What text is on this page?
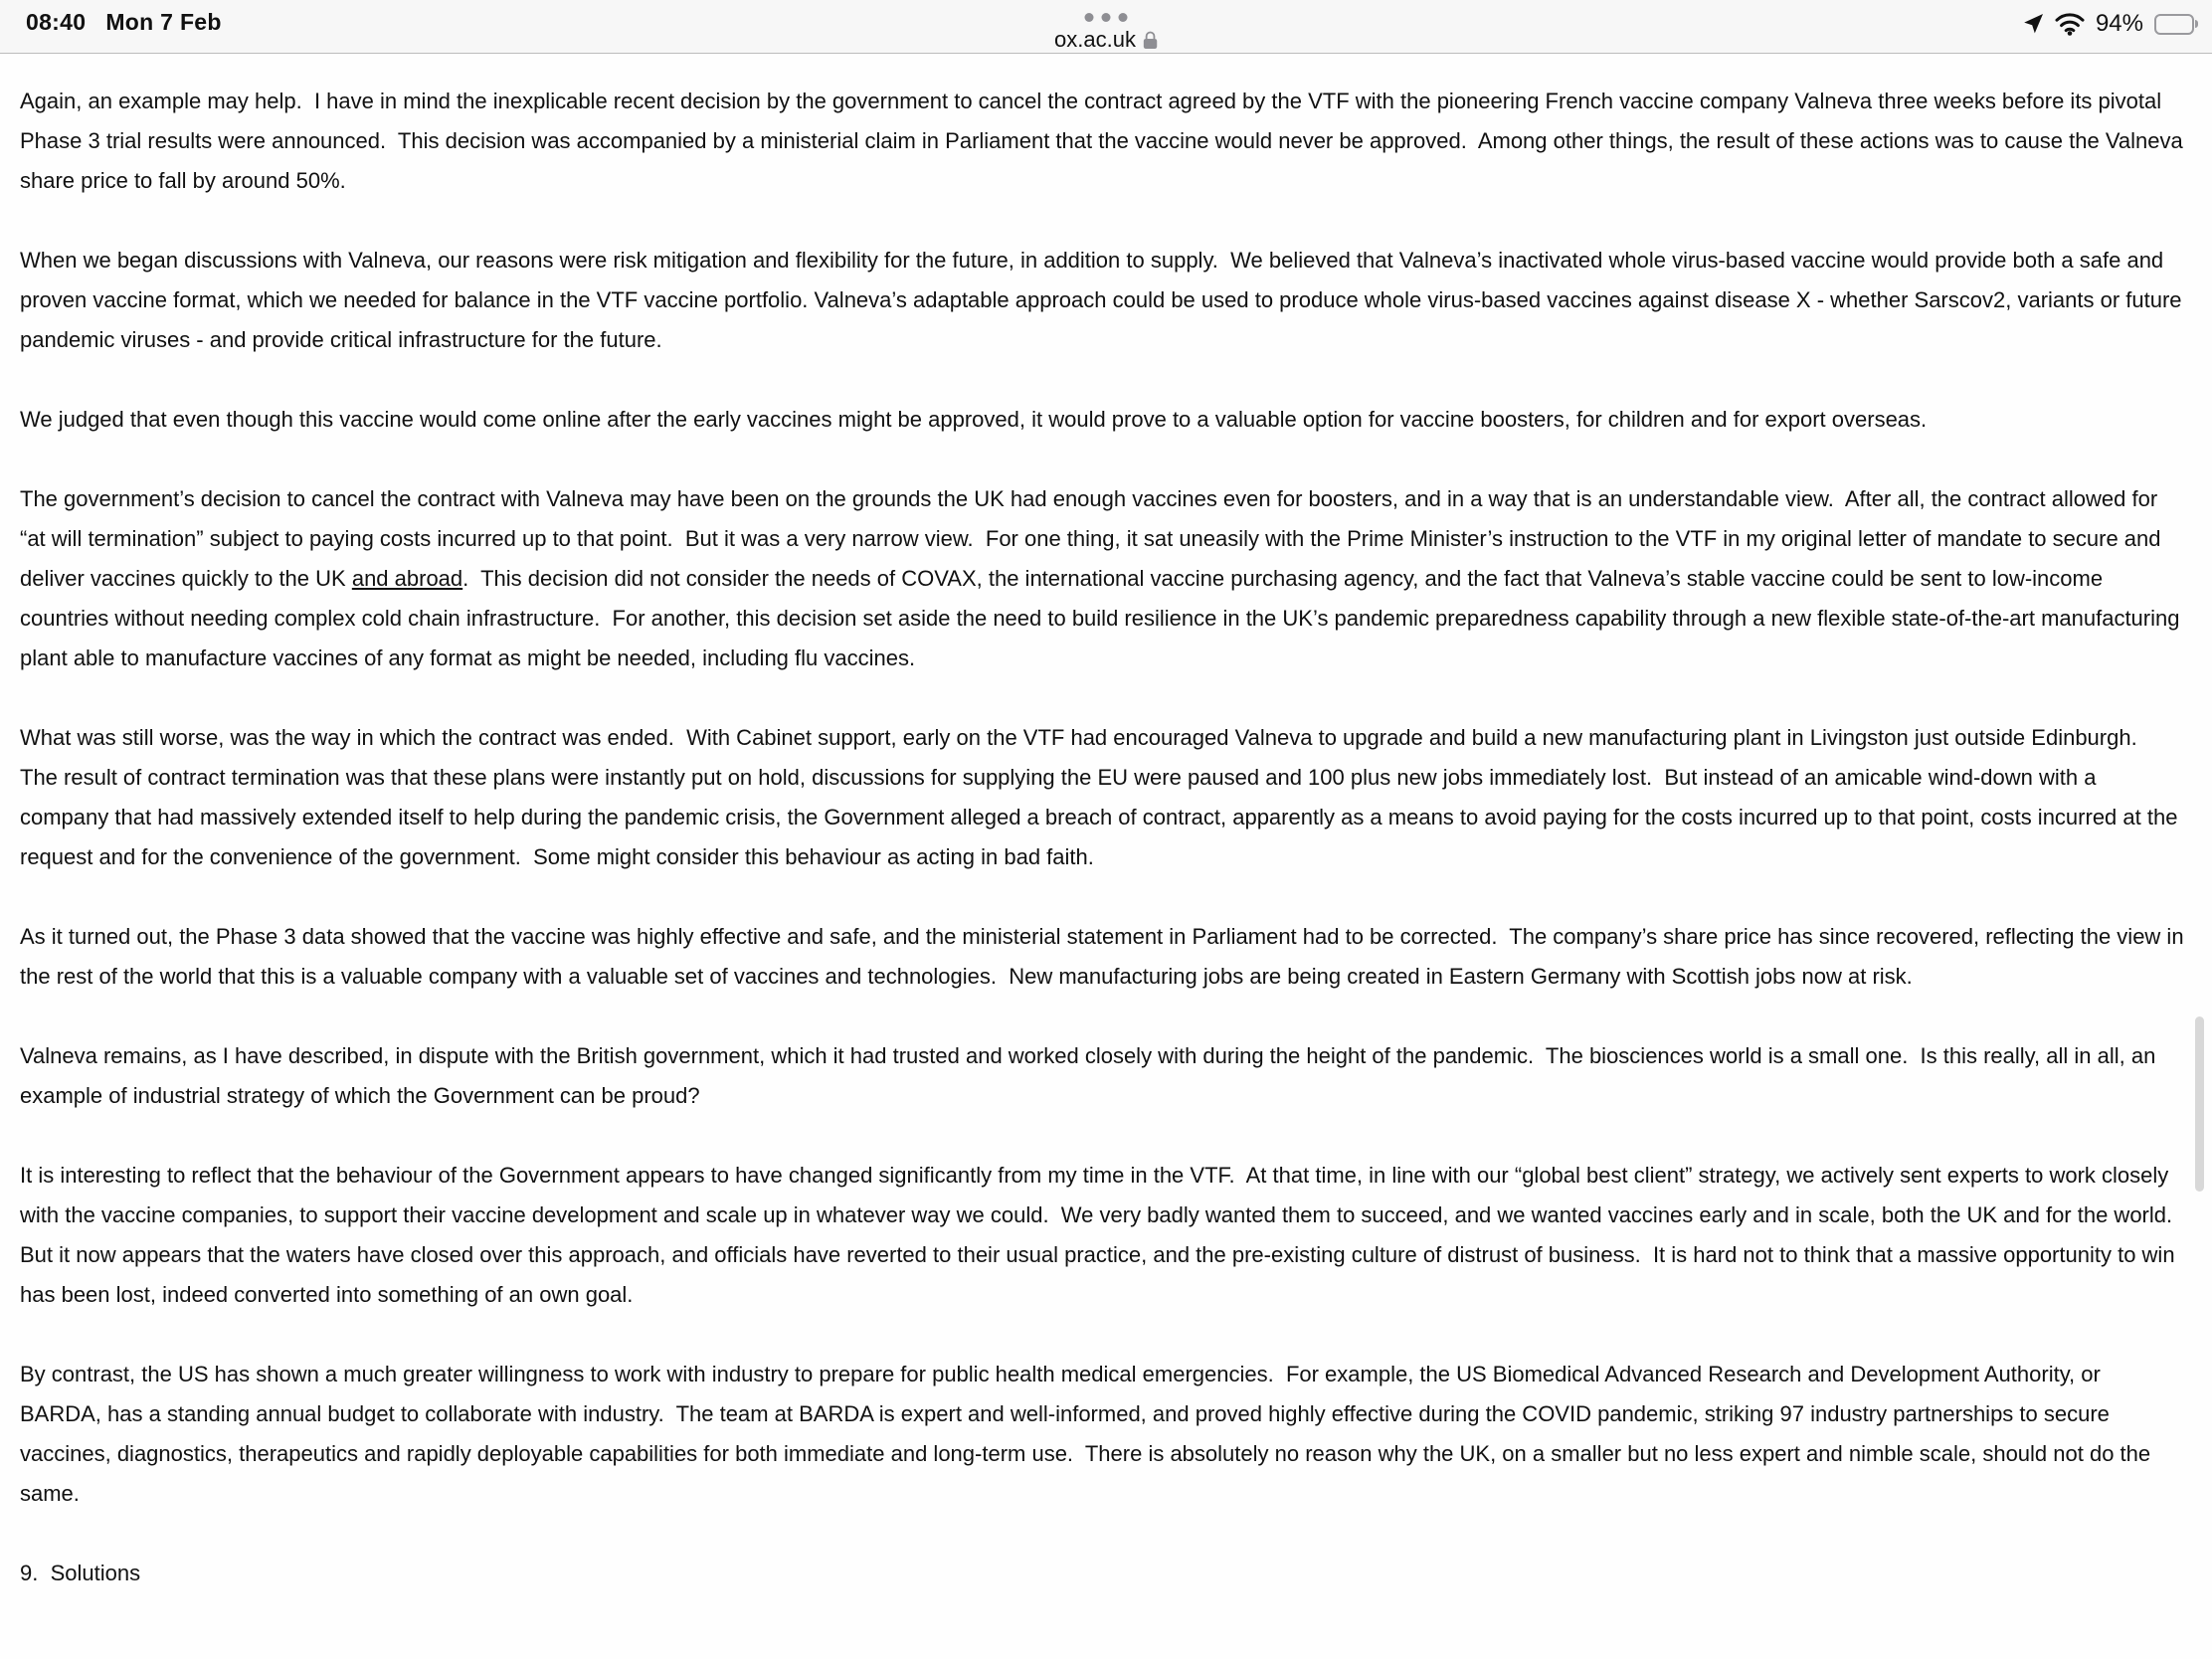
08:40 Mon 7 Feb
ox.ac.uk
94%

Again, an example may help.  I have in mind the inexplicable recent decision by the government to cancel the contract agreed by the VTF with the pioneering French vaccine company Valneva three weeks before its pivotal Phase 3 trial results were announced.  This decision was accompanied by a ministerial claim in Parliament that the vaccine would never be approved.  Among other things, the result of these actions was to cause the Valneva share price to fall by around 50%.

When we began discussions with Valneva, our reasons were risk mitigation and flexibility for the future, in addition to supply.  We believed that Valneva’s inactivated whole virus-based vaccine would provide both a safe and proven vaccine format, which we needed for balance in the VTF vaccine portfolio. Valneva’s adaptable approach could be used to produce whole virus-based vaccines against disease X - whether Sarscov2, variants or future pandemic viruses - and provide critical infrastructure for the future.

We judged that even though this vaccine would come online after the early vaccines might be approved, it would prove to a valuable option for vaccine boosters, for children and for export overseas.

The government’s decision to cancel the contract with Valneva may have been on the grounds the UK had enough vaccines even for boosters, and in a way that is an understandable view.  After all, the contract allowed for “at will termination” subject to paying costs incurred up to that point.  But it was a very narrow view.  For one thing, it sat uneasily with the Prime Minister’s instruction to the VTF in my original letter of mandate to secure and deliver vaccines quickly to the UK and abroad.  This decision did not consider the needs of COVAX, the international vaccine purchasing agency, and the fact that Valneva’s stable vaccine could be sent to low-income countries without needing complex cold chain infrastructure.  For another, this decision set aside the need to build resilience in the UK’s pandemic preparedness capability through a new flexible state-of-the-art manufacturing plant able to manufacture vaccines of any format as might be needed, including flu vaccines.

What was still worse, was the way in which the contract was ended.  With Cabinet support, early on the VTF had encouraged Valneva to upgrade and build a new manufacturing plant in Livingston just outside Edinburgh.  The result of contract termination was that these plans were instantly put on hold, discussions for supplying the EU were paused and 100 plus new jobs immediately lost.  But instead of an amicable wind-down with a company that had massively extended itself to help during the pandemic crisis, the Government alleged a breach of contract, apparently as a means to avoid paying for the costs incurred up to that point, costs incurred at the request and for the convenience of the government.  Some might consider this behaviour as acting in bad faith.

As it turned out, the Phase 3 data showed that the vaccine was highly effective and safe, and the ministerial statement in Parliament had to be corrected.  The company’s share price has since recovered, reflecting the view in the rest of the world that this is a valuable company with a valuable set of vaccines and technologies.  New manufacturing jobs are being created in Eastern Germany with Scottish jobs now at risk.

Valneva remains, as I have described, in dispute with the British government, which it had trusted and worked closely with during the height of the pandemic.  The biosciences world is a small one.  Is this really, all in all, an example of industrial strategy of which the Government can be proud?

It is interesting to reflect that the behaviour of the Government appears to have changed significantly from my time in the VTF.  At that time, in line with our “global best client” strategy, we actively sent experts to work closely with the vaccine companies, to support their vaccine development and scale up in whatever way we could.  We very badly wanted them to succeed, and we wanted vaccines early and in scale, both the UK and for the world.  But it now appears that the waters have closed over this approach, and officials have reverted to their usual practice, and the pre-existing culture of distrust of business.  It is hard not to think that a massive opportunity to win has been lost, indeed converted into something of an own goal.

By contrast, the US has shown a much greater willingness to work with industry to prepare for public health medical emergencies.  For example, the US Biomedical Advanced Research and Development Authority, or BARDA, has a standing annual budget to collaborate with industry.  The team at BARDA is expert and well-informed, and proved highly effective during the COVID pandemic, striking 97 industry partnerships to secure vaccines, diagnostics, therapeutics and rapidly deployable capabilities for both immediate and long-term use.  There is absolutely no reason why the UK, on a smaller but no less expert and nimble scale, should not do the same.

9.  Solutions
